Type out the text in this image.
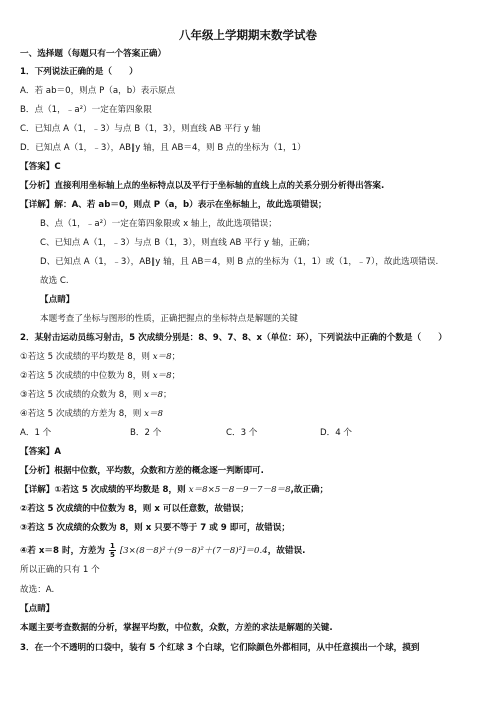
八年级上学期期末数学试卷
一、选择题（每题只有一个答案正确）
1．下列说法正确的是（　　）
A．若 ab＝0，则点 P（a，b）表示原点
B．点（1，﹣a²）一定在第四象限
C．已知点 A（1，﹣3）与点 B（1，3），则直线 AB 平行 y 轴
D．已知点 A（1，﹣3），AB∥y 轴，且 AB＝4，则 B 点的坐标为（1，1）
【答案】C
【分析】直接利用坐标轴上点的坐标特点以及平行于坐标轴的直线上点的关系分别分析得出答案.
【详解】解：A、若 ab＝0，则点 P（a，b）表示在坐标轴上，故此选项错误；
B、点（1，﹣a²）一定在第四象限或 x 轴上，故此选项错误；
C、已知点 A（1，﹣3）与点 B（1，3），则直线 AB 平行 y 轴，正确；
D、已知点 A（1，﹣3），AB∥y 轴，且 AB＝4，则 B 点的坐标为（1，1）或（1，﹣7），故此选项错误.
故选 C.
【点睛】
本题考查了坐标与图形的性质，正确把握点的坐标特点是解题的关键
2．某射击运动员练习射击，5 次成绩分别是：8、9、7、8、x（单位：环），下列说法中正确的个数是（　　）
①若这 5 次成绩的平均数是 8，则 x＝8；
②若这 5 次成绩的中位数为 8，则 x＝8；
③若这 5 次成绩的众数为 8，则 x＝8；
④若这 5 次成绩的方差为 8，则 x＝8
A．1 个	B．2 个	C．3 个	D．4 个
【答案】A
【分析】根据中位数，平均数，众数和方差的概念逐一判断即可.
【详解】①若这 5 次成绩的平均数是 8，则 x＝8×5－8－9－7－8＝8,故正确；
②若这 5 次成绩的中位数为 8，则 x 可以任意数，故错误；
③若这 5 次成绩的众数为 8，则 x 只要不等于 7 或 9 即可，故错误；
④若 x＝8 时，方差为 $\frac{1}{5} [3\times(8-8)^2+(9-8)^2+(7-8)^2]=0.4$，故错误.
所以正确的只有 1 个
故选：A.
【点睛】
本题主要考查数据的分析，掌握平均数，中位数，众数，方差的求法是解题的关键.
3．在一个不透明的口袋中，装有 5 个红球 3 个白球，它们除颜色外都相同，从中任意摸出一个球，摸到
